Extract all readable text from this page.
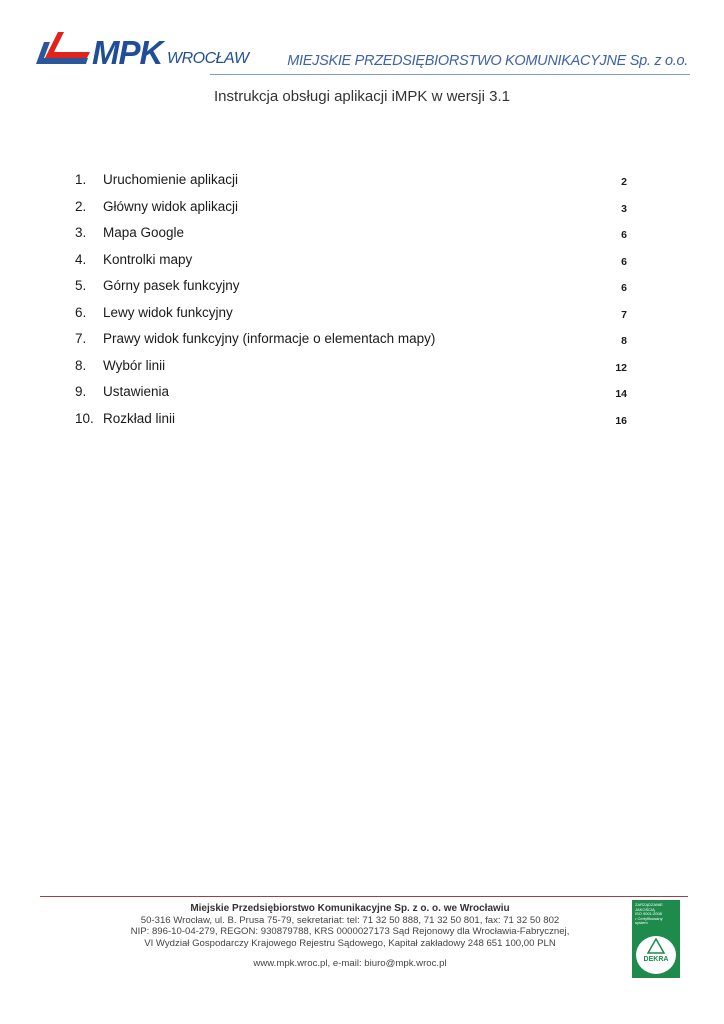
MPK WROCŁAW	MIEJSKIE PRZEDSIĘBIORSTWO KOMUNIKACYJNE Sp. z o.o.
Instrukcja obsługi aplikacji iMPK w wersji 3.1
1. Uruchomienie aplikacji	2
2. Główny widok aplikacji	3
3. Mapa Google	6
4. Kontrolki mapy	6
5. Górny pasek funkcyjny	6
6. Lewy widok funkcyjny	7
7. Prawy widok funkcyjny (informacje o elementach mapy)	8
8. Wybór linii	12
9. Ustawienia	14
10. Rozkład linii	16
Miejskie Przedsiębiorstwo Komunikacyjne Sp. z o. o. we Wrocławiu
50-316 Wrocław, ul. B. Prusa 75-79, sekretariat: tel: 71 32 50 888, 71 32 50 801, fax: 71 32 50 802
NIP: 896-10-04-279, REGON: 930879788, KRS 0000027173 Sąd Rejonowy dla Wrocławia-Fabrycznej,
VI Wydział Gospodarczy Krajowego Rejestru Sądowego, Kapitał zakładowy 248 651 100,00 PLN
www.mpk.wroc.pl, e-mail: biuro@mpk.wroc.pl
ZARZĄDZANIE
JAKOŚCIĄ
ISO 9001:2008
• Certyfikowany
system
DEKRA
